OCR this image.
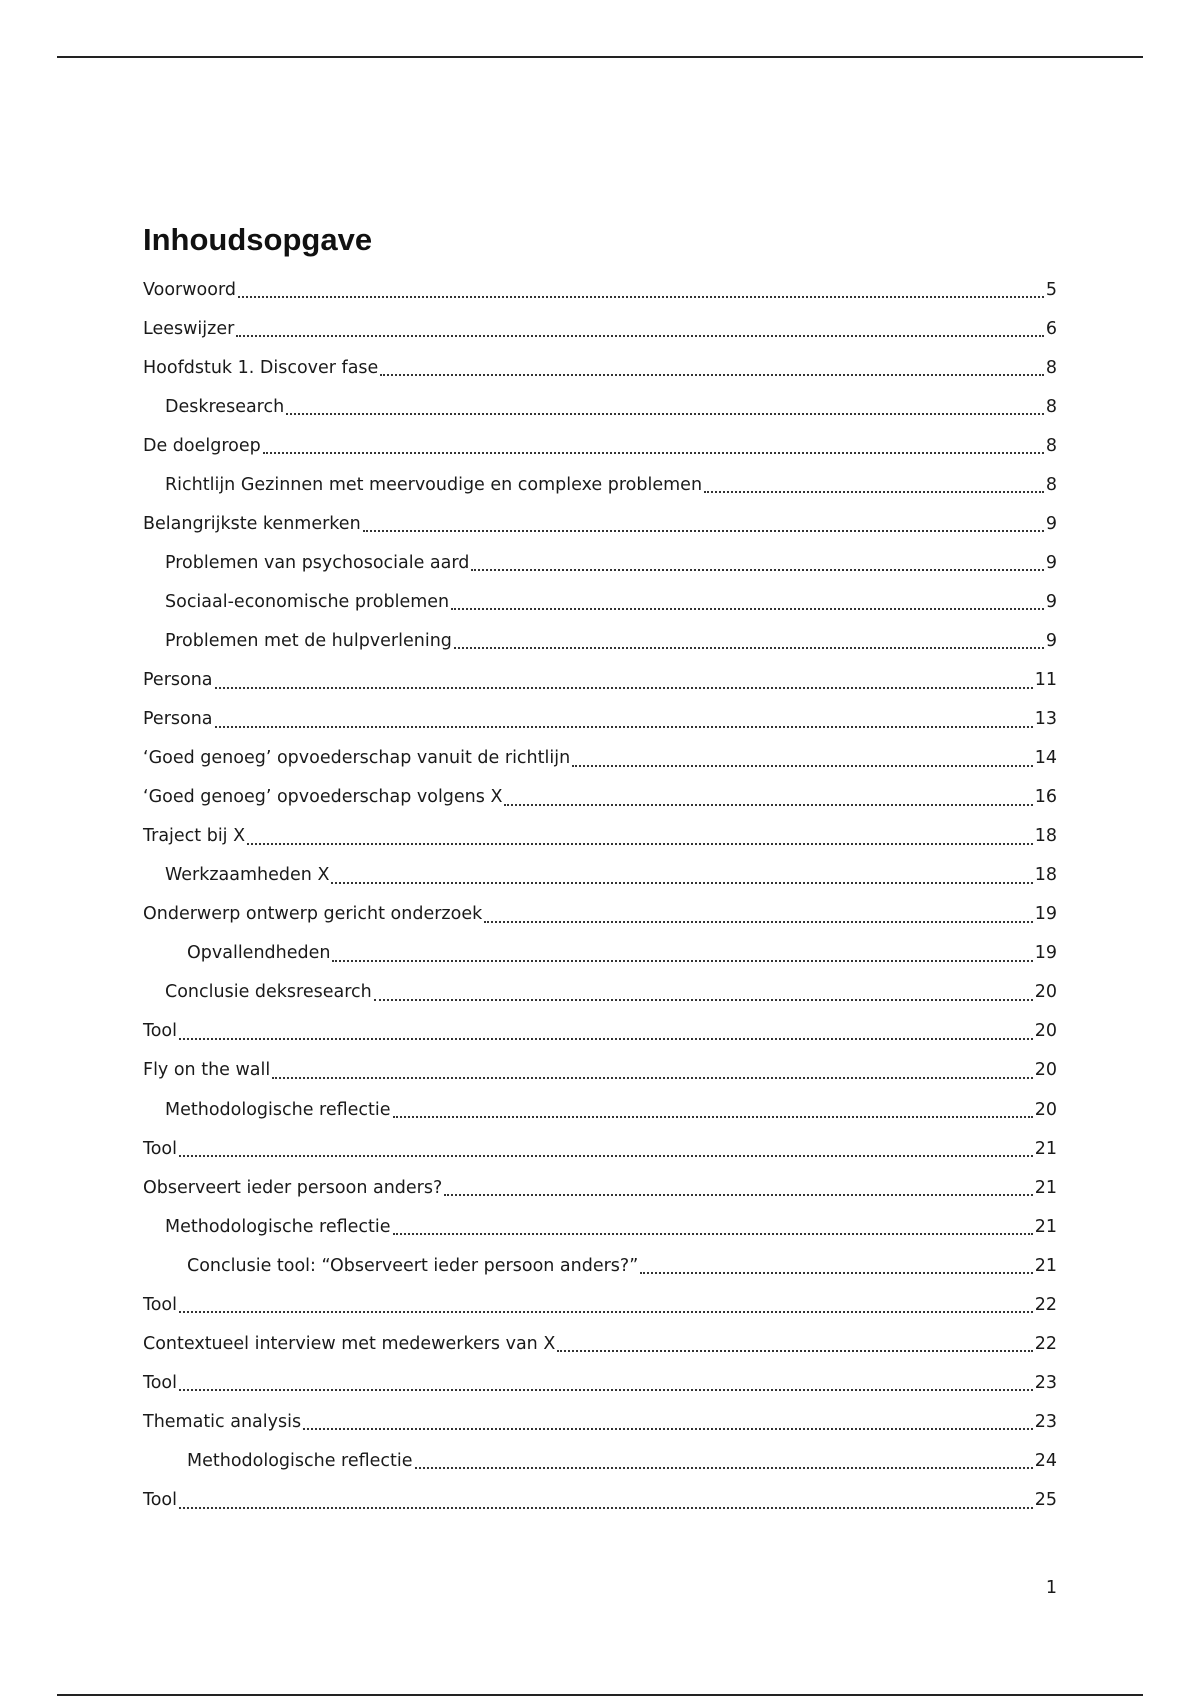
Inhoudsopgave
Voorwoord	5
Leeswijzer	6
Hoofdstuk 1. Discover fase	8
Deskresearch	8
De doelgroep	8
Richtlijn Gezinnen met meervoudige en complexe problemen	8
Belangrijkste kenmerken	9
Problemen van psychosociale aard	9
Sociaal-economische problemen	9
Problemen met de hulpverlening	9
Persona	11
Persona	13
‘Goed genoeg’ opvoederschap vanuit de richtlijn	14
‘Goed genoeg’ opvoederschap volgens X	16
Traject bij X	18
Werkzaamheden X	18
Onderwerp ontwerp gericht onderzoek	19
Opvallendheden	19
Conclusie deksresearch	20
Tool	20
Fly on the wall	20
Methodologische reflectie	20
Tool	21
Observeert ieder persoon anders?	21
Methodologische reflectie	21
Conclusie tool: “Observeert ieder persoon anders?”	21
Tool	22
Contextueel interview met medewerkers van X	22
Tool	23
Thematic analysis	23
Methodologische reflectie	24
Tool	25
1
